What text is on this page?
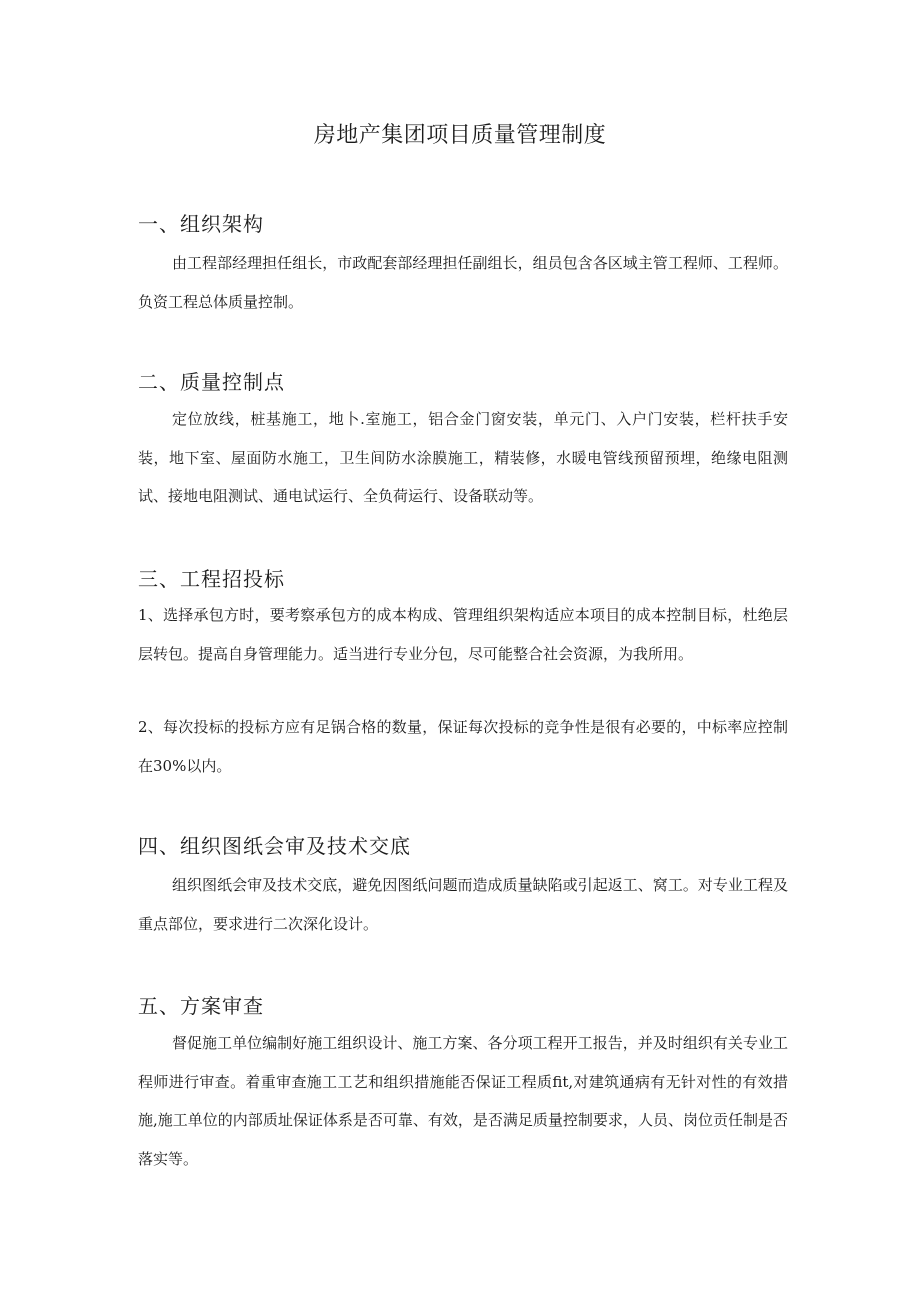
房地产集团项目质量管理制度
一、组织架构

由工程部经理担任组长，市政配套部经理担任副组长，组员包含各区域主管工程师、工程师。负资工程总体质量控制。

二、质量控制点

定位放线，桩基施工，地卜.室施工，铝合金门窗安装，单元门、入户门安装，栏杆扶手安装，地下室、屋面防水施工，卫生间防水涂膜施工，精装修，水暖电管线预留预埋，绝缘电阻测试、接地电阻测试、通电试运行、全负荷运行、设备联动等。

三、工程招投标

1、选择承包方时，要考察承包方的成本构成、管理组织架构适应本项目的成本控制目标，杜绝层层转包。提高自身管理能力。适当进行专业分包，尽可能整合社会资源，为我所用。

2、每次投标的投标方应有足锅合格的数量，保证每次投标的竞争性是很有必要的，中标率应控制在30%以内。

四、组织图纸会审及技术交底

组织图纸会审及技术交底，避免因图纸问题而造成质量缺陷或引起返工、窝工。对专业工程及重点部位，要求进行二次深化设计。

五、方案审查

督促施工单位编制好施工组织设计、施工方案、各分项工程开工报告，并及时组织有关专业工程师进行审查。着重审查施工工艺和组织措施能否保证工程质fit,对建筑通病有无针对性的有效措施,施工单位的内部质址保证体系是否可靠、有效，是否满足质量控制要求，人员、岗位贡任制是否落实等。
